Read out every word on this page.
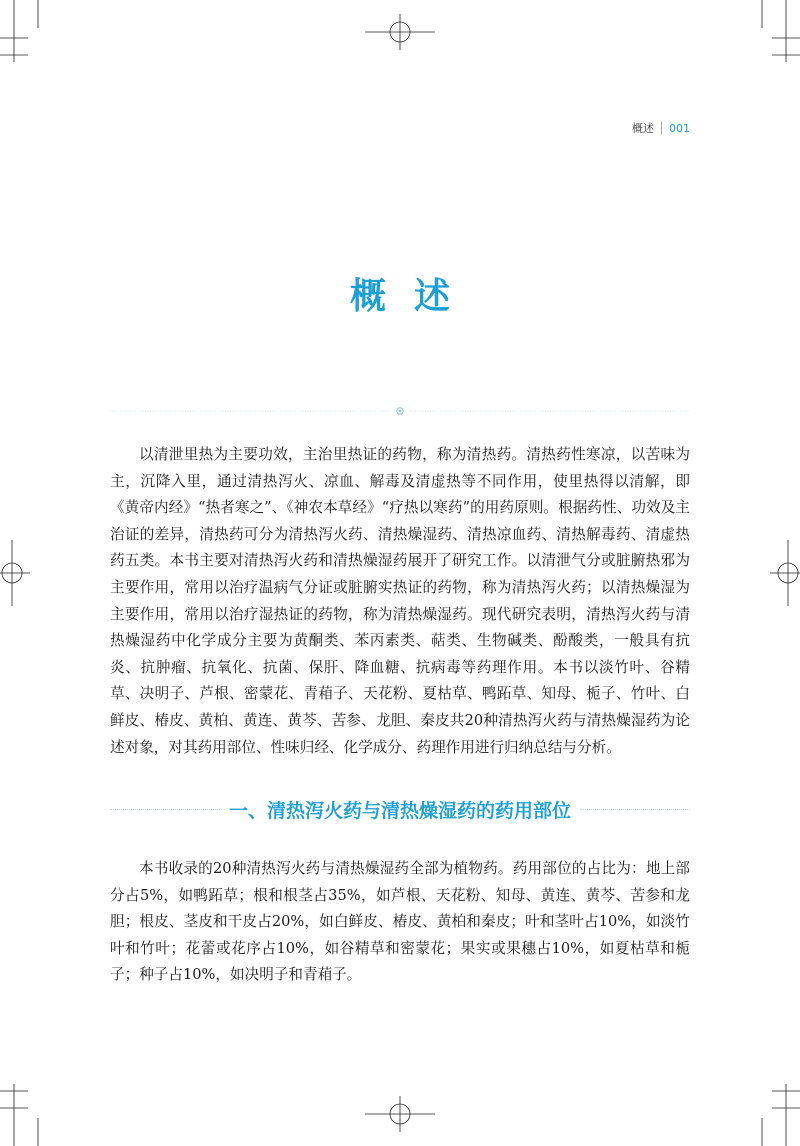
概述 001
概述

以清泄里热为主要功效，主治里热证的药物，称为清热药。清热药性寒凉，以苦味为主，沉降入里，通过清热泻火、凉血、解毒及清虚热等不同作用，使里热得以清解，即《黄帝内经》“热者寒之”、《神农本草经》“疗热以寒药”的用药原则。根据药性、功效及主治证的差异，清热药可分为清热泻火药、清热燥湿药、清热凉血药、清热解毒药、清虚热药五类。本书主要对清热泻火药和清热燥湿药展开了研究工作。以清泄气分或脏腑热邪为主要作用，常用以治疗温病气分证或脏腑实热证的药物，称为清热泻火药；以清热燥湿为主要作用，常用以治疗湿热证的药物，称为清热燥湿药。现代研究表明，清热泻火药与清热燥湿药中化学成分主要为黄酮类、苯丙素类、萜类、生物碱类、酚酸类，一般具有抗炎、抗肿瘤、抗氧化、抗菌、保肝、降血糖、抗病毒等药理作用。本书以淡竹叶、谷精草、决明子、芦根、密蒙花、青葙子、天花粉、夏枯草、鸭跖草、知母、栀子、竹叶、白鲜皮、椿皮、黄柏、黄连、黄芩、苦参、龙胆、秦皮共20种清热泻火药与清热燥湿药为论述对象，对其药用部位、性味归经、化学成分、药理作用进行归纳总结与分析。

一、清热泻火药与清热燥湿药的药用部位

本书收录的20种清热泻火药与清热燥湿药全部为植物药。药用部位的占比为：地上部分占5%，如鸭跖草；根和根茎占35%，如芦根、天花粉、知母、黄连、黄芩、苦参和龙胆；根皮、茎皮和干皮占20%，如白鲜皮、椿皮、黄柏和秦皮；叶和茎叶占10%，如淡竹叶和竹叶；花蕾或花序占10%，如谷精草和密蒙花；果实或果穗占10%，如夏枯草和栀子；种子占10%，如决明子和青葙子。
